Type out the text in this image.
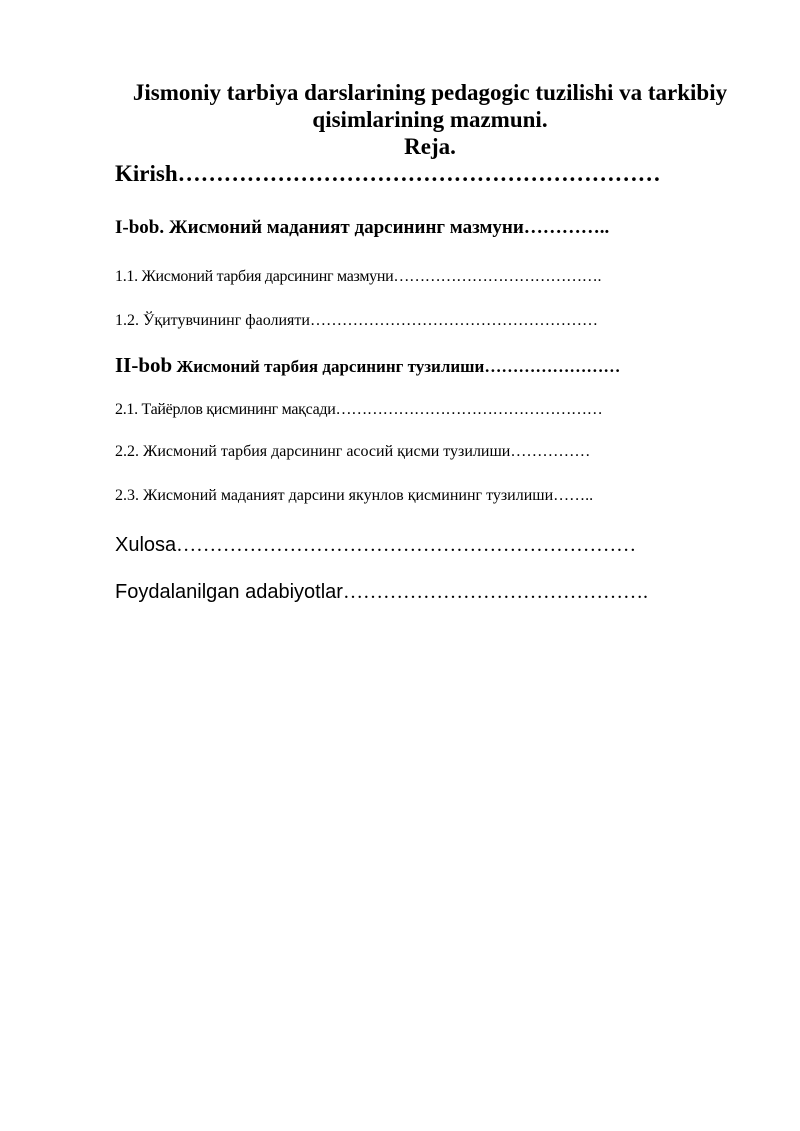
Jismoniy tarbiya darslarining pedagogic tuzilishi va tarkibiy
qisimlarining mazmuni.
Reja.
Kirish………………………………………………………
I-bob. Жисмоний маданият дарсининг мазмуни…………..
1.1. Жисмоний тарбия дарсининг мазмуни………………………………….
1.2. Ўқитувчининг фаолияти………………………………………………
II-bob Жисмоний тарбия дарсининг тузилиши……………………
2.1. Тайёрлов қисмининг мақсади……………………………………………
2.2. Жисмоний тарбия дарсининг асосий қисми тузилиши……………
2.3. Жисмоний маданият дарсини якунлов қисмининг тузилиши……..
Xulosa……………………………………………………………
Foydalanilgan adabiyotlar……………………………………….
